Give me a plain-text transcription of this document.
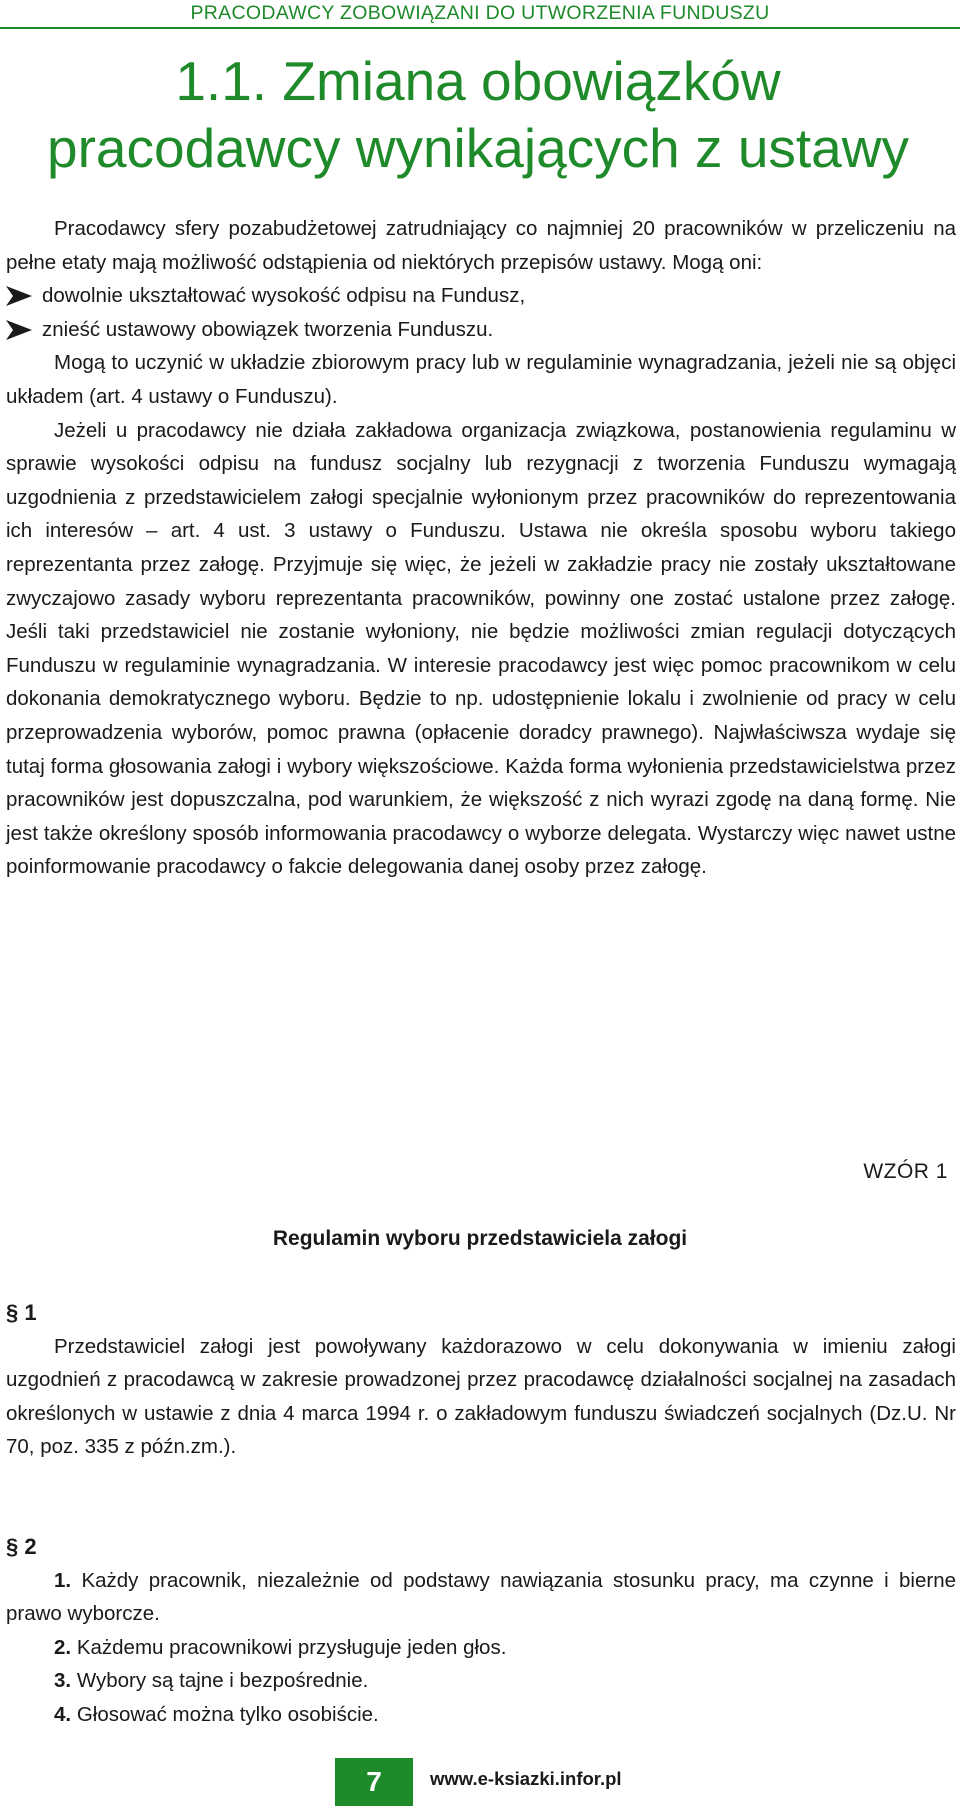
PRACODAWCY ZOBOWIĄZANI DO UTWORZENIA FUNDUSZU
1.1. Zmiana obowiązków
pracodawcy wynikających z ustawy

Pracodawcy sfery pozabudżetowej zatrudniający co najmniej 20 pracowników w przeliczeniu na pełne etaty mają możliwość odstąpienia od niektórych przepisów ustawy. Mogą oni:

dowolnie ukształtować wysokość odpisu na Fundusz,
znieść ustawowy obowiązek tworzenia Funduszu.

Mogą to uczynić w układzie zbiorowym pracy lub w regulaminie wynagradzania, jeżeli nie są objęci układem (art. 4 ustawy o Funduszu).

Jeżeli u pracodawcy nie działa zakładowa organizacja związkowa, postanowienia regulaminu w sprawie wysokości odpisu na fundusz socjalny lub rezygnacji z tworzenia Funduszu wymagają uzgodnienia z przedstawicielem załogi specjalnie wyłonionym przez pracowników do reprezentowania ich interesów – art. 4 ust. 3 ustawy o Funduszu. Ustawa nie określa sposobu wyboru takiego reprezentanta przez załogę. Przyjmuje się więc, że jeżeli w zakładzie pracy nie zostały ukształtowane zwyczajowo zasady wyboru reprezentanta pracowników, powinny one zostać ustalone przez załogę. Jeśli taki przedstawiciel nie zostanie wyłoniony, nie będzie możliwości zmian regulacji dotyczących Funduszu w regulaminie wynagradzania. W interesie pracodawcy jest więc pomoc pracownikom w celu dokonania demokratycznego wyboru. Będzie to np. udostępnienie lokalu i zwolnienie od pracy w celu przeprowadzenia wyborów, pomoc prawna (opłacenie doradcy prawnego). Najwłaściwsza wydaje się tutaj forma głosowania załogi i wybory większościowe. Każda forma wyłonienia przedstawicielstwa przez pracowników jest dopuszczalna, pod warunkiem, że większość z nich wyrazi zgodę na daną formę. Nie jest także określony sposób informowania pracodawcy o wyborze delegata. Wystarczy więc nawet ustne poinformowanie pracodawcy o fakcie delegowania danej osoby przez załogę.

WZÓR 1
Regulamin wyboru przedstawiciela załogi

§ 1

Przedstawiciel załogi jest powoływany każdorazowo w celu dokonywania w imieniu załogi uzgodnień z pracodawcą w zakresie prowadzonej przez pracodawcę działalności socjalnej na zasadach określonych w ustawie z dnia 4 marca 1994 r. o zakładowym funduszu świadczeń socjalnych (Dz.U. Nr 70, poz. 335 z późn.zm.).

§ 2

1. Każdy pracownik, niezależnie od podstawy nawiązania stosunku pracy, ma czynne i bierne prawo wyborcze.

2. Każdemu pracownikowi przysługuje jeden głos.

3. Wybory są tajne i bezpośrednie.

4. Głosować można tylko osobiście.

7	www.e-ksiazki.infor.pl
